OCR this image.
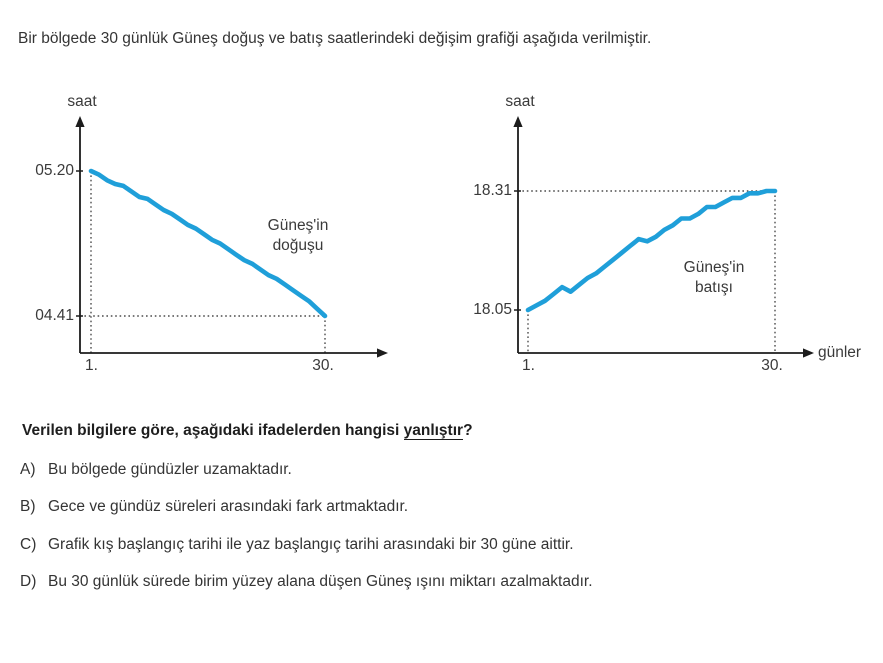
Bir bölgede 30 günlük Güneş doğuş ve batış saatlerindeki değişim grafiği aşağıda verilmiştir.
saat
05.20
04.41
1.	30.
Güneş'in doğuşu
saat
18.31
18.05
1.	30.
günler
Güneş'in batışı
Verilen bilgilere göre, aşağıdaki ifadelerden hangisi yanlıştır?
A) Bu bölgede gündüzler uzamaktadır.
B) Gece ve gündüz süreleri arasındaki fark artmaktadır.
C) Grafik kış başlangıç tarihi ile yaz başlangıç tarihi arasındaki bir 30 güne aittir.
D) Bu 30 günlük sürede birim yüzey alana düşen Güneş ışını miktarı azalmaktadır.
